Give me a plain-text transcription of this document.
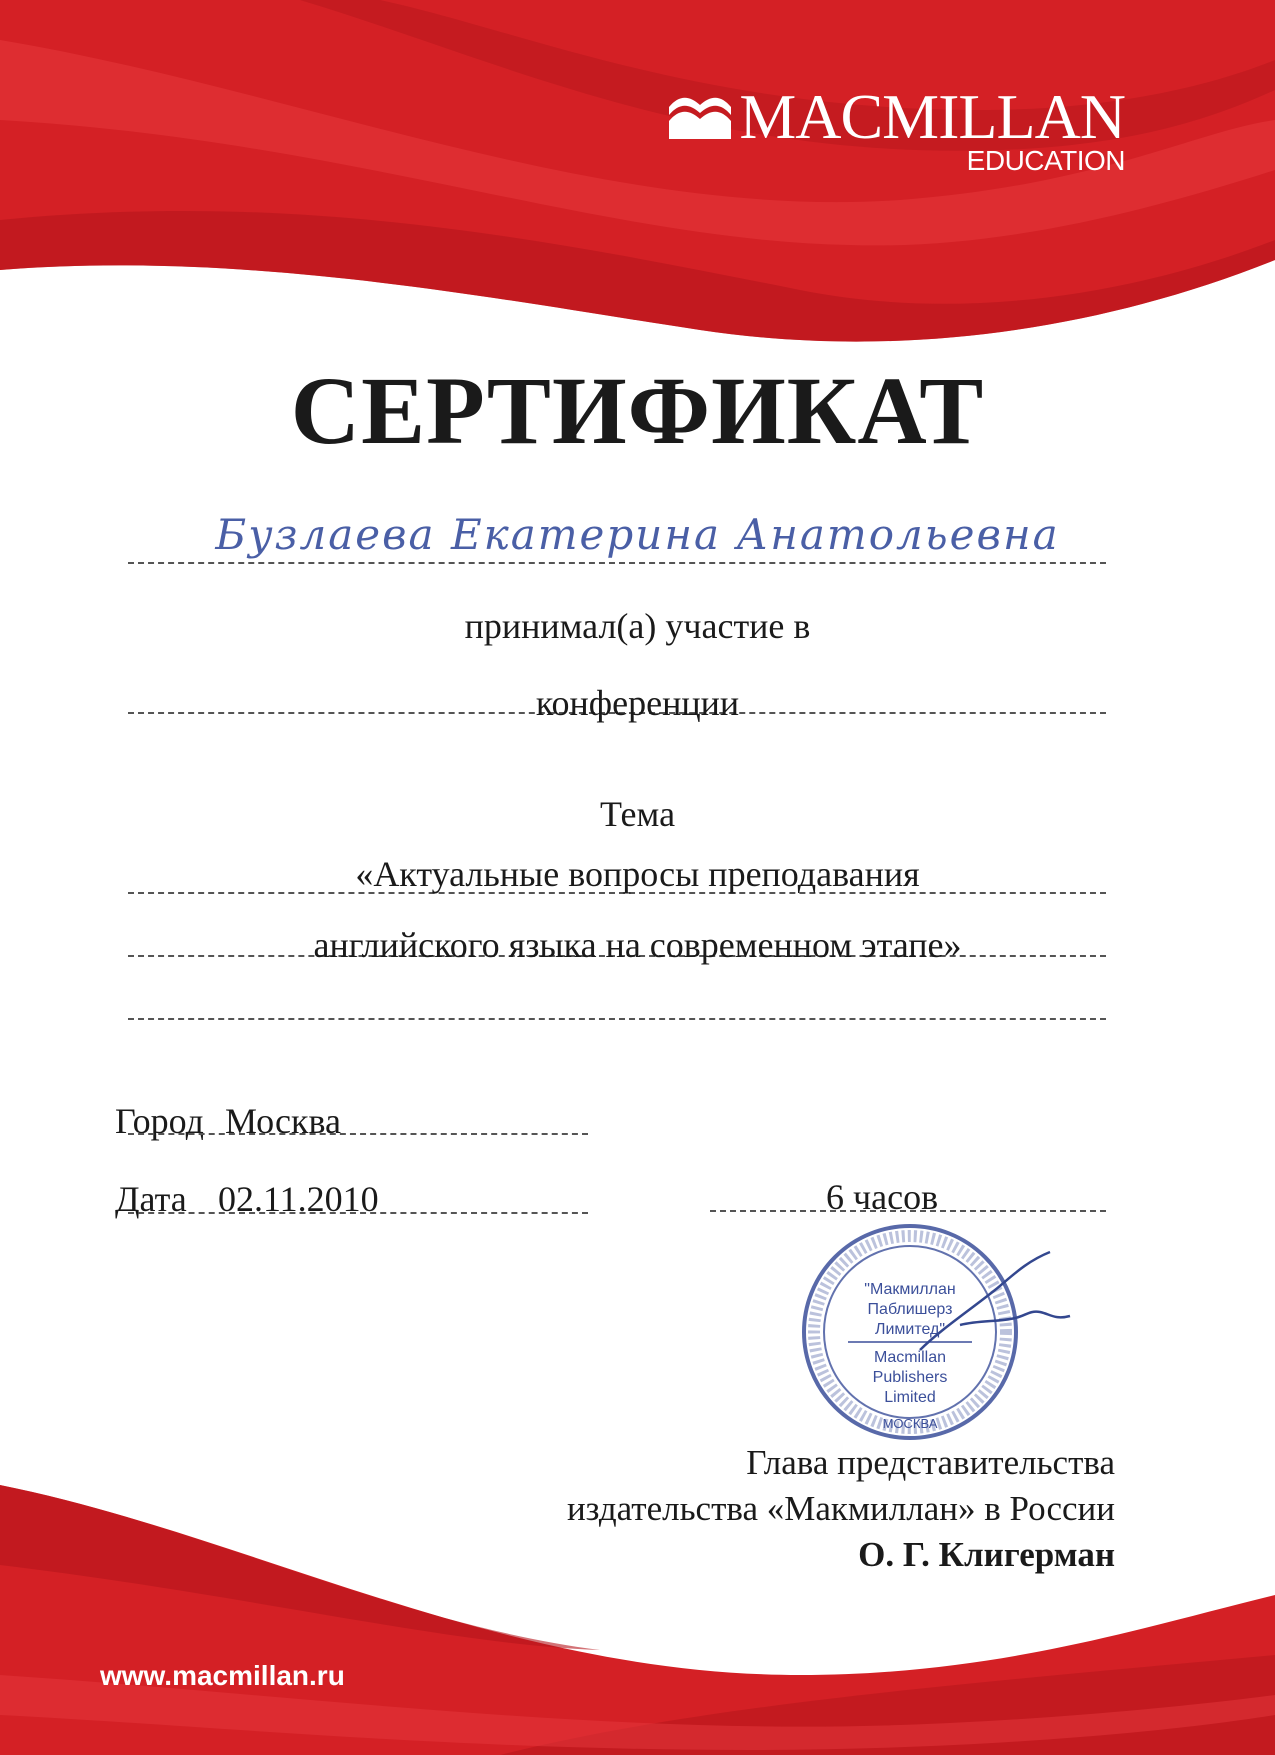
MACMILLAN
EDUCATION
СЕРТИФИКАТ
Бузлаева Екатерина Анатольевна
принимал(а) участие в
конференции
Тема
«Актуальные вопросы преподавания
английского языка на современном этапе»
Город Москва
Дата 02.11.2010	6 часов
"Макмиллан
Паблишерз
Лимитед"
Macmillan
Publishers
Limited
МОСКВА
Глава представительства
издательства «Макмиллан» в России
О. Г. Клигерман
www.macmillan.ru
